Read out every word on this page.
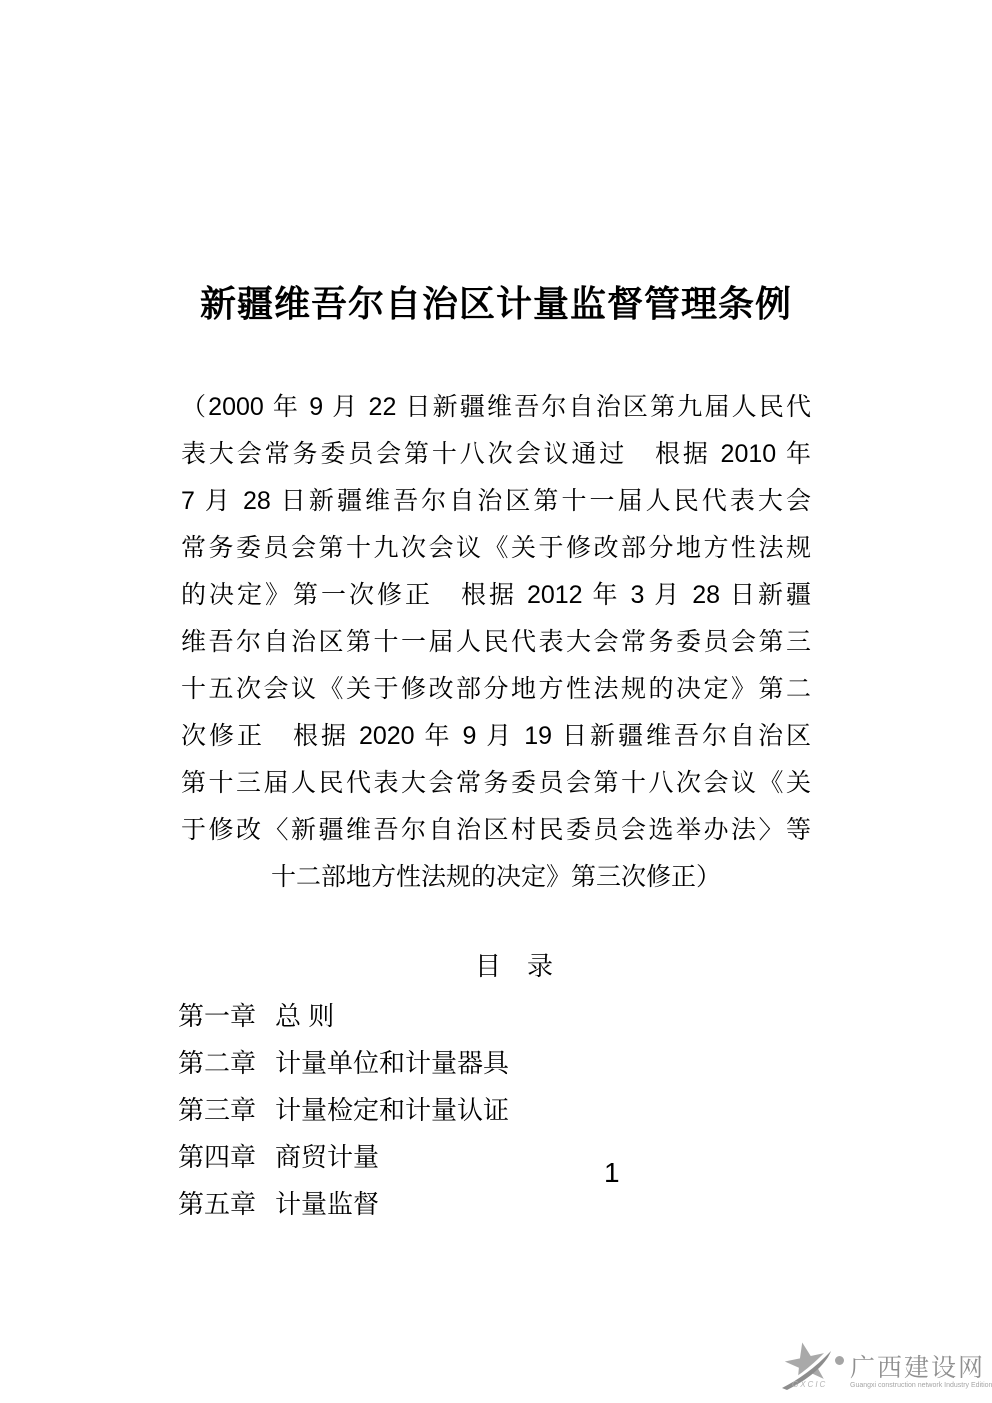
新疆维吾尔自治区计量监督管理条例
（2000 年 9 月 22 日新疆维吾尔自治区第九届人民代
表大会常务委员会第十八次会议通过　根据 2010 年
7 月 28 日新疆维吾尔自治区第十一届人民代表大会
常务委员会第十九次会议《关于修改部分地方性法规
的决定》第一次修正　根据 2012 年 3 月 28 日新疆
维吾尔自治区第十一届人民代表大会常务委员会第三
十五次会议《关于修改部分地方性法规的决定》第二
次修正　根据 2020 年 9 月 19 日新疆维吾尔自治区
第十三届人民代表大会常务委员会第十八次会议《关
于修改〈新疆维吾尔自治区村民委员会选举办法〉等
十二部地方性法规的决定》第三次修正）
目　录
第一章 总 则
第二章 计量单位和计量器具
第三章 计量检定和计量认证
第四章 商贸计量
第五章 计量监督
1
GXCIC
广西建设网
Guangxi construction network Industry Edition
